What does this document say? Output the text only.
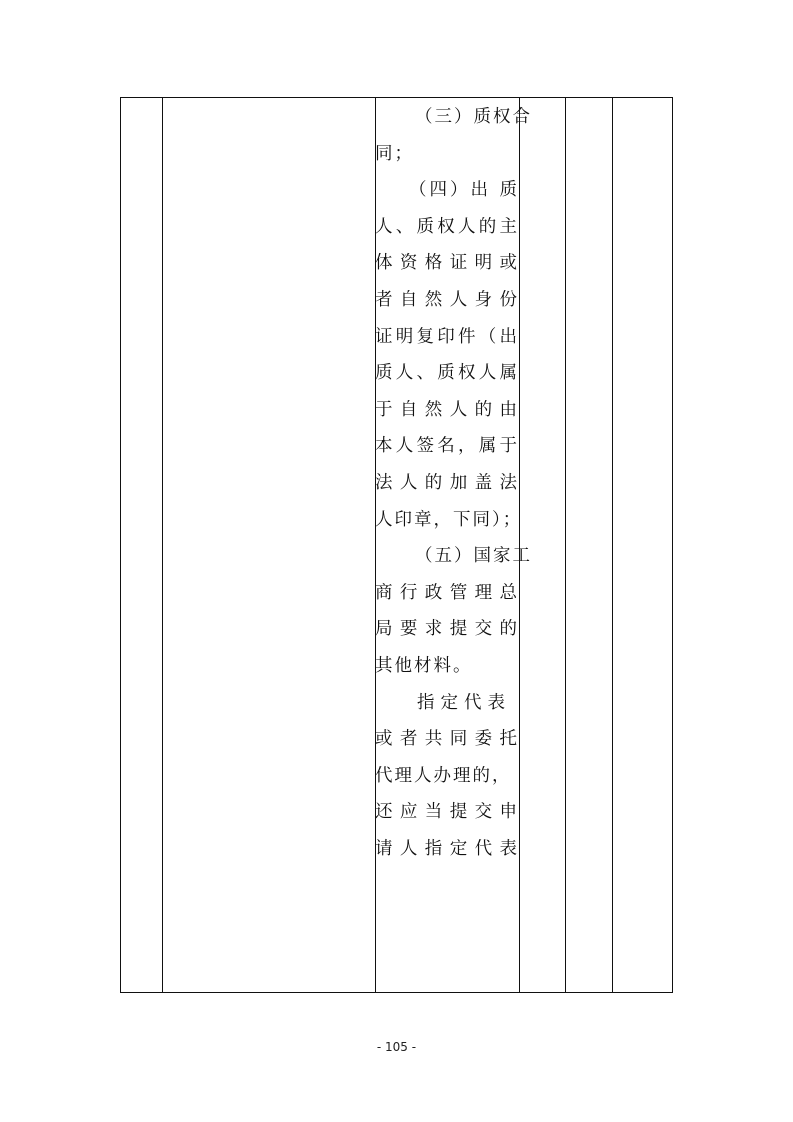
（三）质权合
同；
（四）出 质
人、质权人的主
体资格证明或
者自然人身份
证明复印件（出
质人、质权人属
于自然人的由
本人签名，属于
法人的加盖法
人印章，下同）；
（五）国家工
商行政管理总
局要求提交的
其他材料。
指定代表
或者共同委托
代理人办理的，
还应当提交申
请人指定代表
- 105 -
